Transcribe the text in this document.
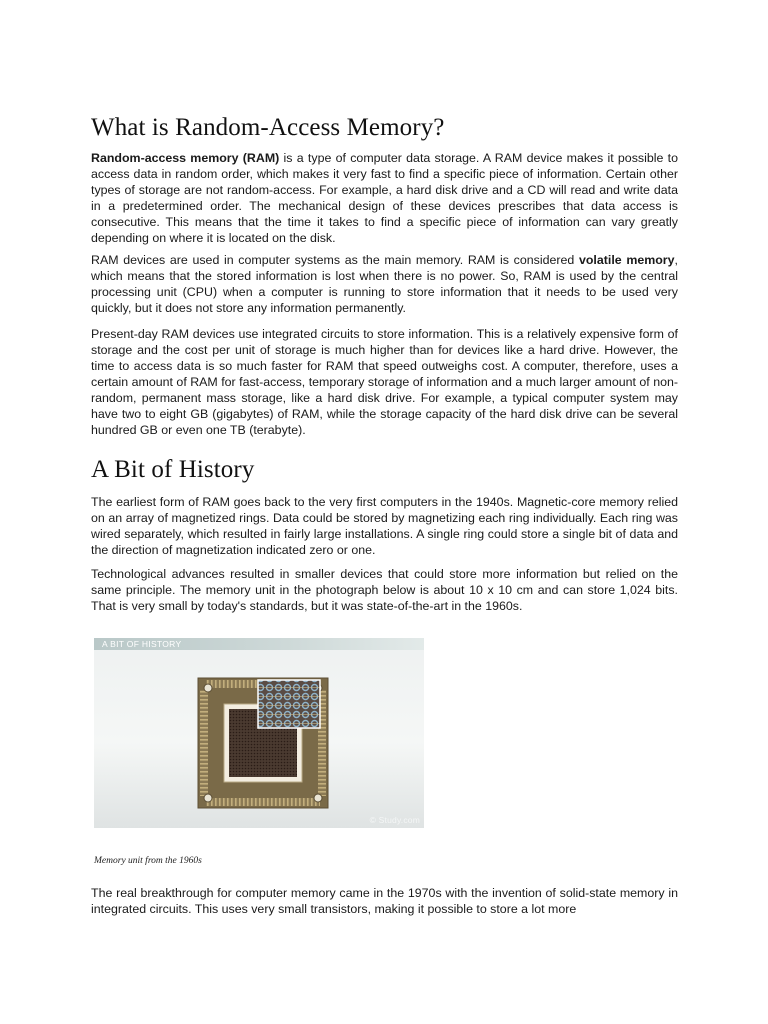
What is Random-Access Memory?

Random-access memory (RAM) is a type of computer data storage. A RAM device makes it possible to access data in random order, which makes it very fast to find a specific piece of information. Certain other types of storage are not random-access. For example, a hard disk drive and a CD will read and write data in a predetermined order. The mechanical design of these devices prescribes that data access is consecutive. This means that the time it takes to find a specific piece of information can vary greatly depending on where it is located on the disk.

RAM devices are used in computer systems as the main memory. RAM is considered volatile memory, which means that the stored information is lost when there is no power. So, RAM is used by the central processing unit (CPU) when a computer is running to store information that it needs to be used very quickly, but it does not store any information permanently.

Present-day RAM devices use integrated circuits to store information. This is a relatively expensive form of storage and the cost per unit of storage is much higher than for devices like a hard drive. However, the time to access data is so much faster for RAM that speed outweighs cost. A computer, therefore, uses a certain amount of RAM for fast-access, temporary storage of information and a much larger amount of non-random, permanent mass storage, like a hard disk drive. For example, a typical computer system may have two to eight GB (gigabytes) of RAM, while the storage capacity of the hard disk drive can be several hundred GB or even one TB (terabyte).

A Bit of History

The earliest form of RAM goes back to the very first computers in the 1940s. Magnetic-core memory relied on an array of magnetized rings. Data could be stored by magnetizing each ring individually. Each ring was wired separately, which resulted in fairly large installations. A single ring could store a single bit of data and the direction of magnetization indicated zero or one.

Technological advances resulted in smaller devices that could store more information but relied on the same principle. The memory unit in the photograph below is about 10 x 10 cm and can store 1,024 bits. That is very small by today's standards, but it was state-of-the-art in the 1960s.

A BIT OF HISTORY
© Study.com
Memory unit from the 1960s

The real breakthrough for computer memory came in the 1970s with the invention of solid-state memory in integrated circuits. This uses very small transistors, making it possible to store a lot more
